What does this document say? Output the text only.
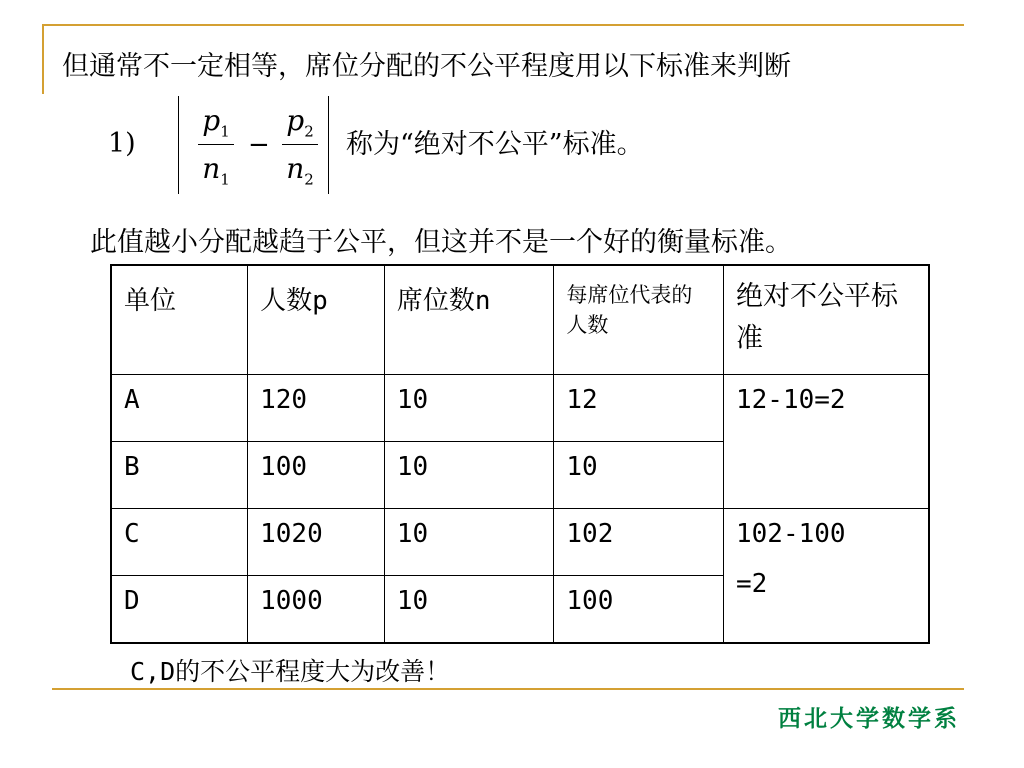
但通常不一定相等，席位分配的不公平程度用以下标准来判断
1)
$p_1$
$n_1$
−
$p_2$
$n_2$
称为“绝对不公平”标准。
此值越小分配越趋于公平，但这并不是一个好的衡量标准。
单位	人数p	席位数n	每席位代表的人数	绝对不公平标准
A	120	10	12	12-10=2
B	100	10	10	
C	1020	10	102	102-100
=2

D	1000	10	100	
C,D的不公平程度大为改善！
西北大学数学系
